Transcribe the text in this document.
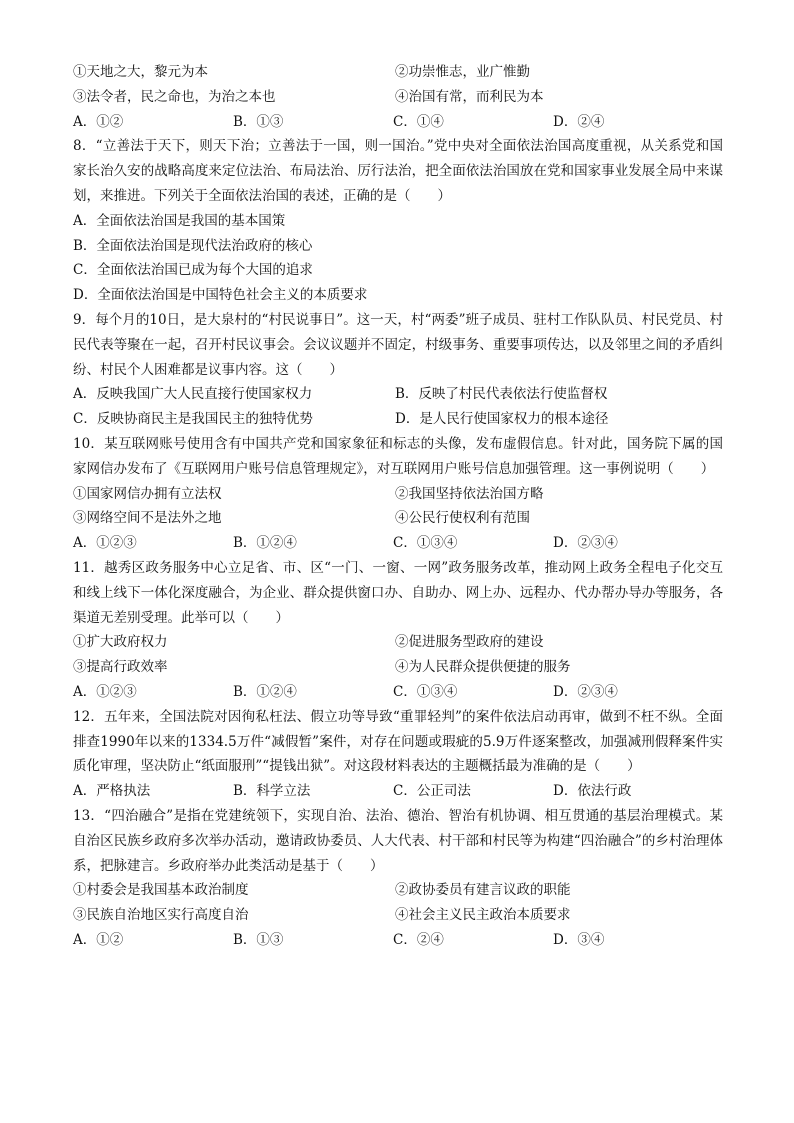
①天地之大，黎元为本	②功崇惟志，业广惟勤
③法令者，民之命也，为治之本也	④治国有常，而利民为本
A．①②	B．①③	C．①④	D．②④
8．“立善法于天下，则天下治；立善法于一国，则一国治。”党中央对全面依法治国高度重视，从关系党和国家长治久安的战略高度来定位法治、布局法治、厉行法治，把全面依法治国放在党和国家事业发展全局中来谋划，来推进。下列关于全面依法治国的表述，正确的是（　　）
A．全面依法治国是我国的基本国策
B．全面依法治国是现代法治政府的核心
C．全面依法治国已成为每个大国的追求
D．全面依法治国是中国特色社会主义的本质要求
9．每个月的10日，是大泉村的“村民说事日”。这一天，村“两委”班子成员、驻村工作队队员、村民党员、村民代表等聚在一起，召开村民议事会。会议议题并不固定，村级事务、重要事项传达，以及邻里之间的矛盾纠纷、村民个人困难都是议事内容。这（　　）
A．反映我国广大人民直接行使国家权力	B．反映了村民代表依法行使监督权
C．反映协商民主是我国民主的独特优势	D．是人民行使国家权力的根本途径
10．某互联网账号使用含有中国共产党和国家象征和标志的头像，发布虚假信息。针对此，国务院下属的国家网信办发布了《互联网用户账号信息管理规定》，对互联网用户账号信息加强管理。这一事例说明（　　）
①国家网信办拥有立法权	②我国坚持依法治国方略
③网络空间不是法外之地	④公民行使权利有范围
A．①②③	B．①②④	C．①③④	D．②③④
11．越秀区政务服务中心立足省、市、区“一门、一窗、一网”政务服务改革，推动网上政务全程电子化交互和线上线下一体化深度融合，为企业、群众提供窗口办、自助办、网上办、远程办、代办帮办导办等服务，各渠道无差别受理。此举可以（　　）
①扩大政府权力	②促进服务型政府的建设
③提高行政效率	④为人民群众提供便捷的服务
A．①②③	B．①②④	C．①③④	D．②③④
12．五年来，全国法院对因徇私枉法、假立功等导致“重罪轻判”的案件依法启动再审，做到不枉不纵。全面排查1990年以来的1334.5万件“减假暂”案件，对存在问题或瑕疵的5.9万件逐案整改，加强减刑假释案件实质化审理，坚决防止“纸面服刑”“提钱出狱”。对这段材料表达的主题概括最为准确的是（　　）
A．严格执法	B．科学立法	C．公正司法	D．依法行政
13．“四治融合”是指在党建统领下，实现自治、法治、德治、智治有机协调、相互贯通的基层治理模式。某自治区民族乡政府多次举办活动，邀请政协委员、人大代表、村干部和村民等为构建“四治融合”的乡村治理体系，把脉建言。乡政府举办此类活动是基于（　　）
①村委会是我国基本政治制度	②政协委员有建言议政的职能
③民族自治地区实行高度自治	④社会主义民主政治本质要求
A．①②	B．①③	C．②④	D．③④
